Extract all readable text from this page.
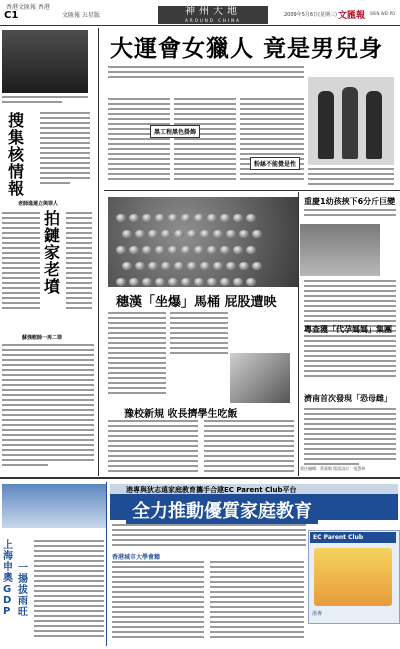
香港文匯報 香港
C1	文匯報 五星版	神州大地
AROUND CHINA
2009年5月6日(星期三) 文匯報 WEN WEI PO
搜集核情報
拍鏈家老墳
老師進連立與罪人
蘇強慰師一再二罪
大運會女獵人 竟是男兒身
黑工程黑色掛飾
粉絲不能覺是性
穗漢「坐爆」馬桶 屁股遭映
豫校新規 收長擠學生吃飯
重慶1幼孩挾下6分斤巨變
粵查獲「代孕媽媽」集團
濟南首次發現「恐母雌」
責任編輯：黃嘉敏 版面設計：張慧林
上海申奧GDP
一揚拔雨旺
港專與狄志遠家庭教育攜手合建EC Parent Club平台
全力推動優質家庭教育
香港城市大學會籍
EC Parent Club
港專
